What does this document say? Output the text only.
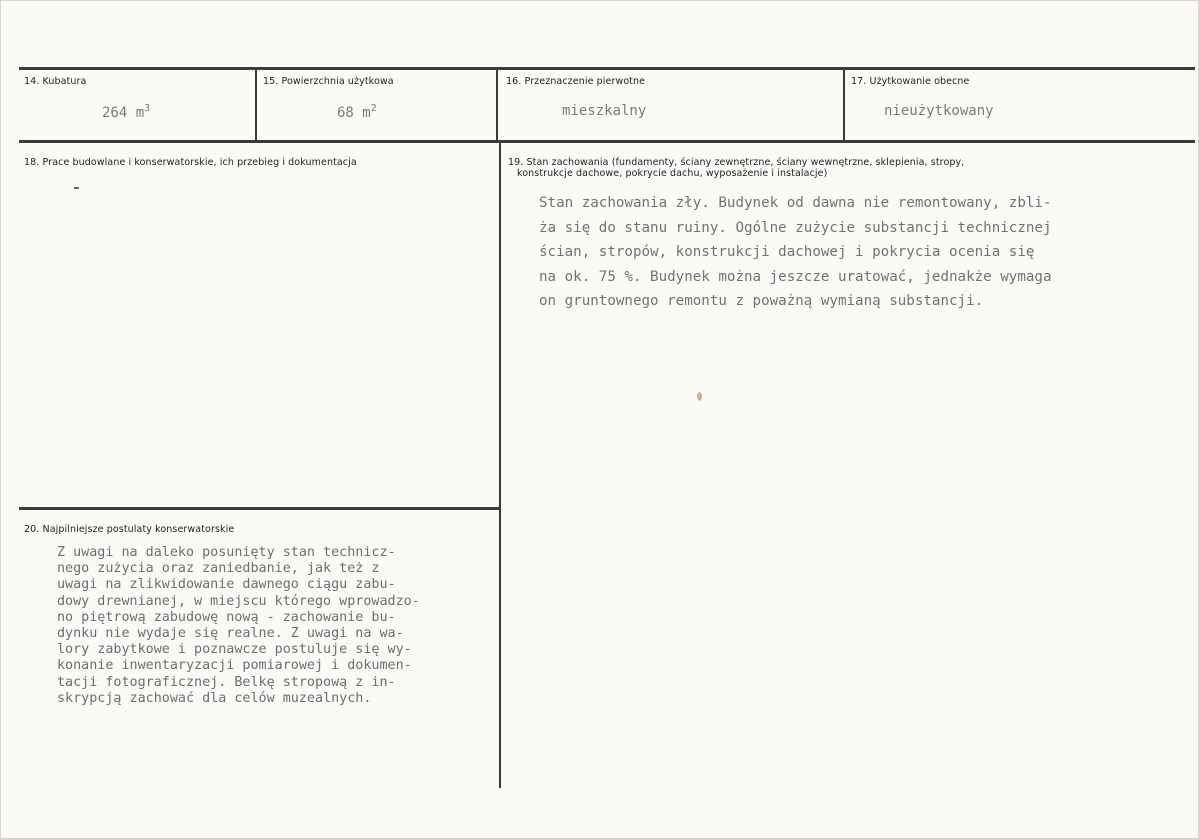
14. Kubatura
264 $m^3$
15. Powierzchnia użytkowa
68 $m^2$
16. Przeznaczenie pierwotne
mieszkalny
17. Użytkowanie obecne
nieużytkowany
18. Prace budowlane i konserwatorskie, ich przebieg i dokumentacja	19. Stan zachowania (fundamenty, ściany zewnętrzne, ściany wewnętrzne, sklepienia, stropy,
konstrukcje dachowe, pokrycie dachu, wyposażenie i instalacje)
Stan zachowania zły. Budynek od dawna nie remontowany, zbli-
ża się do stanu ruiny. Ogólne zużycie substancji technicznej
ścian, stropów, konstrukcji dachowej i pokrycia ocenia się
na ok. 75 %. Budynek można jeszcze uratować, jednakże wymaga
on gruntownego remontu z poważną wymianą substancji.
20. Najpilniejsze postulaty konserwatorskie
Z uwagi na daleko posunięty stan technicz-
nego zużycia oraz zaniedbanie, jak też z
uwagi na zlikwidowanie dawnego ciągu zabu-
dowy drewnianej, w miejscu którego wprowadzo-
no piętrową zabudowę nową - zachowanie bu-
dynku nie wydaje się realne. Z uwagi na wa-
lory zabytkowe i poznawcze postuluje się wy-
konanie inwentaryzacji pomiarowej i dokumen-
tacji fotograficznej. Belkę stropową z in-
skrypcją zachować dla celów muzealnych.
